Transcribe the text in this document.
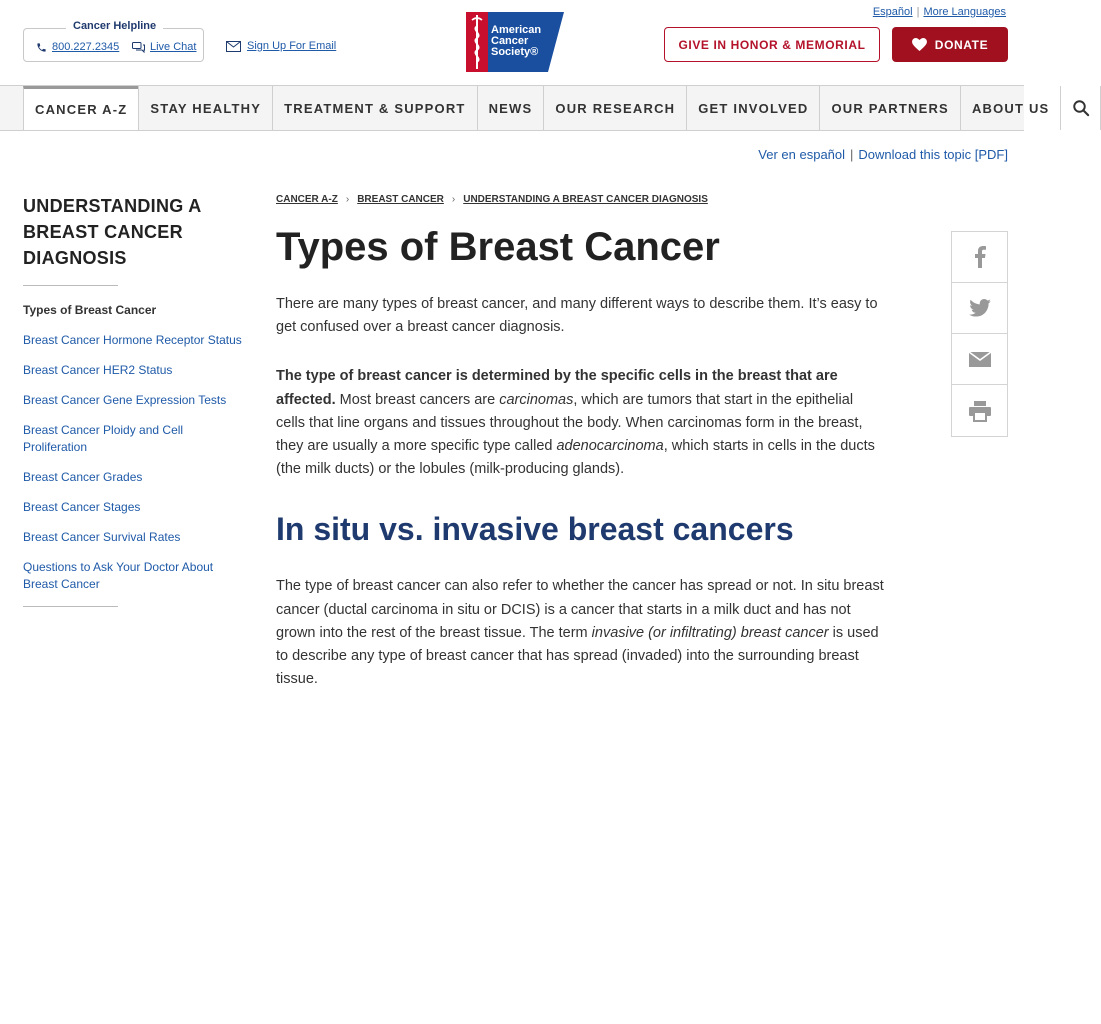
Español | More Languages
Cancer Helpline
800.227.2345	Live Chat	Sign Up For Email
American
Cancer
Society®
GIVE IN HONOR & MEMORIAL	DONATE
CANCER A-Z	STAY HEALTHY	TREATMENT & SUPPORT	NEWS	OUR RESEARCH	GET INVOLVED	OUR PARTNERS	ABOUT US
Ver en español | Download this topic [PDF]
UNDERSTANDING A BREAST CANCER DIAGNOSIS
Types of Breast Cancer
Breast Cancer Hormone Receptor Status
Breast Cancer HER2 Status
Breast Cancer Gene Expression Tests
Breast Cancer Ploidy and Cell Proliferation
Breast Cancer Grades
Breast Cancer Stages
Breast Cancer Survival Rates
Questions to Ask Your Doctor About Breast Cancer
CANCER A-Z › BREAST CANCER › UNDERSTANDING A BREAST CANCER DIAGNOSIS
Types of Breast Cancer

There are many types of breast cancer, and many different ways to describe them. It’s easy to get confused over a breast cancer diagnosis.

The type of breast cancer is determined by the specific cells in the breast that are affected. Most breast cancers are carcinomas, which are tumors that start in the epithelial cells that line organs and tissues throughout the body. When carcinomas form in the breast, they are usually a more specific type called adenocarcinoma, which starts in cells in the ducts (the milk ducts) or the lobules (milk-producing glands).

In situ vs. invasive breast cancers

The type of breast cancer can also refer to whether the cancer has spread or not. In situ breast cancer (ductal carcinoma in situ or DCIS) is a cancer that starts in a milk duct and has not grown into the rest of the breast tissue. The term invasive (or infiltrating) breast cancer is used to describe any type of breast cancer that has spread (invaded) into the surrounding breast tissue.
